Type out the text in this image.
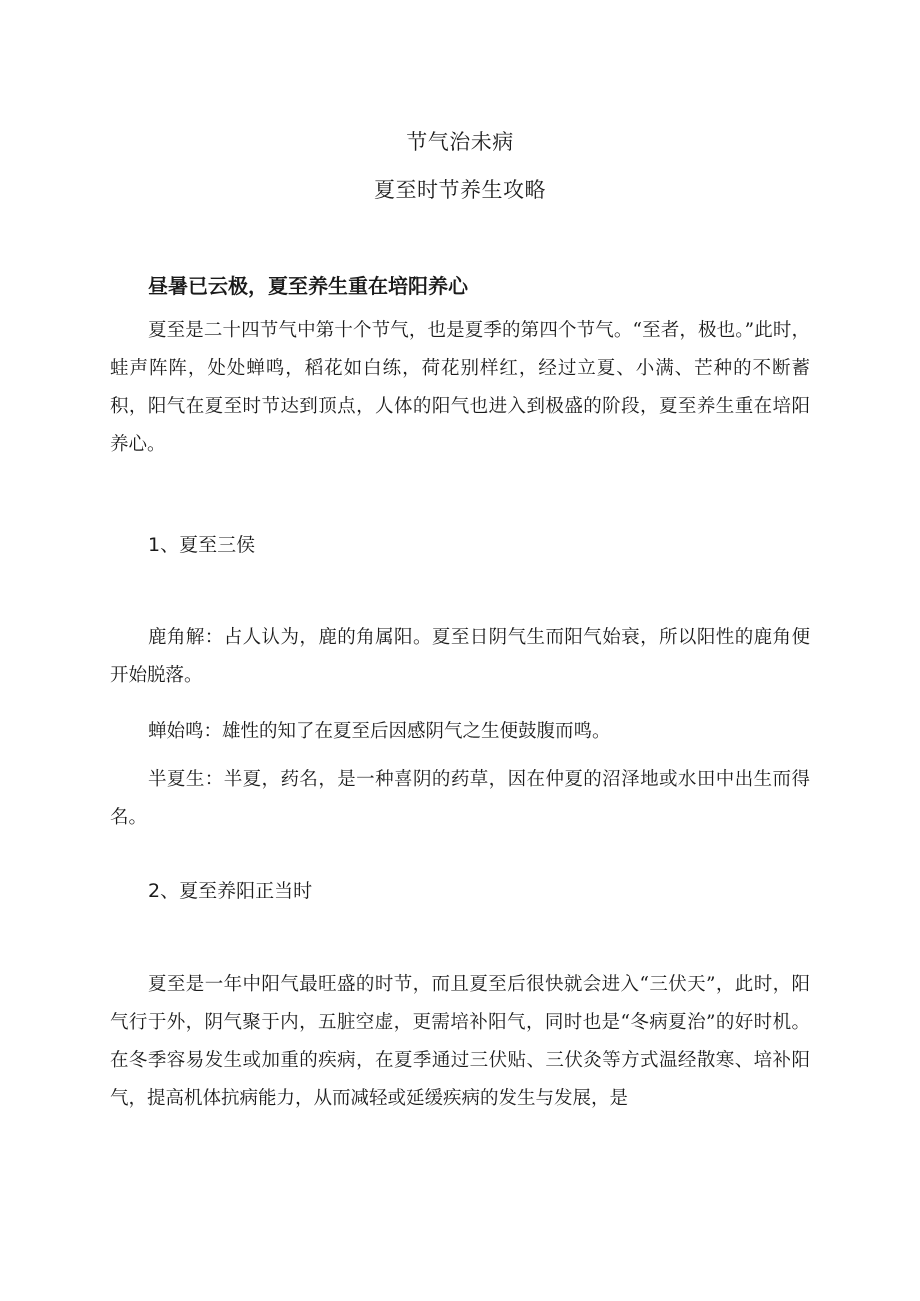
节气治未病
夏至时节养生攻略
昼暑已云极，夏至养生重在培阳养心

夏至是二十四节气中第十个节气，也是夏季的第四个节气。“至者，极也。”此时，蛙声阵阵，处处蝉鸣，稻花如白练，荷花别样红，经过立夏、小满、芒种的不断蓄积，阳气在夏至时节达到顶点，人体的阳气也进入到极盛的阶段，夏至养生重在培阳养心。

1、夏至三侯

鹿角解：占人认为，鹿的角属阳。夏至日阴气生而阳气始衰，所以阳性的鹿角便开始脱落。

蝉始鸣：雄性的知了在夏至后因感阴气之生便鼓腹而鸣。

半夏生：半夏，药名，是一种喜阴的药草，因在仲夏的沼泽地或水田中出生而得名。

2、夏至养阳正当时

夏至是一年中阳气最旺盛的时节，而且夏至后很快就会进入“三伏天”，此时，阳气行于外，阴气聚于内，五脏空虚，更需培补阳气，同时也是“冬病夏治”的好时机。在冬季容易发生或加重的疾病，在夏季通过三伏贴、三伏灸等方式温经散寒、培补阳气，提高机体抗病能力，从而减轻或延缓疾病的发生与发展，是
